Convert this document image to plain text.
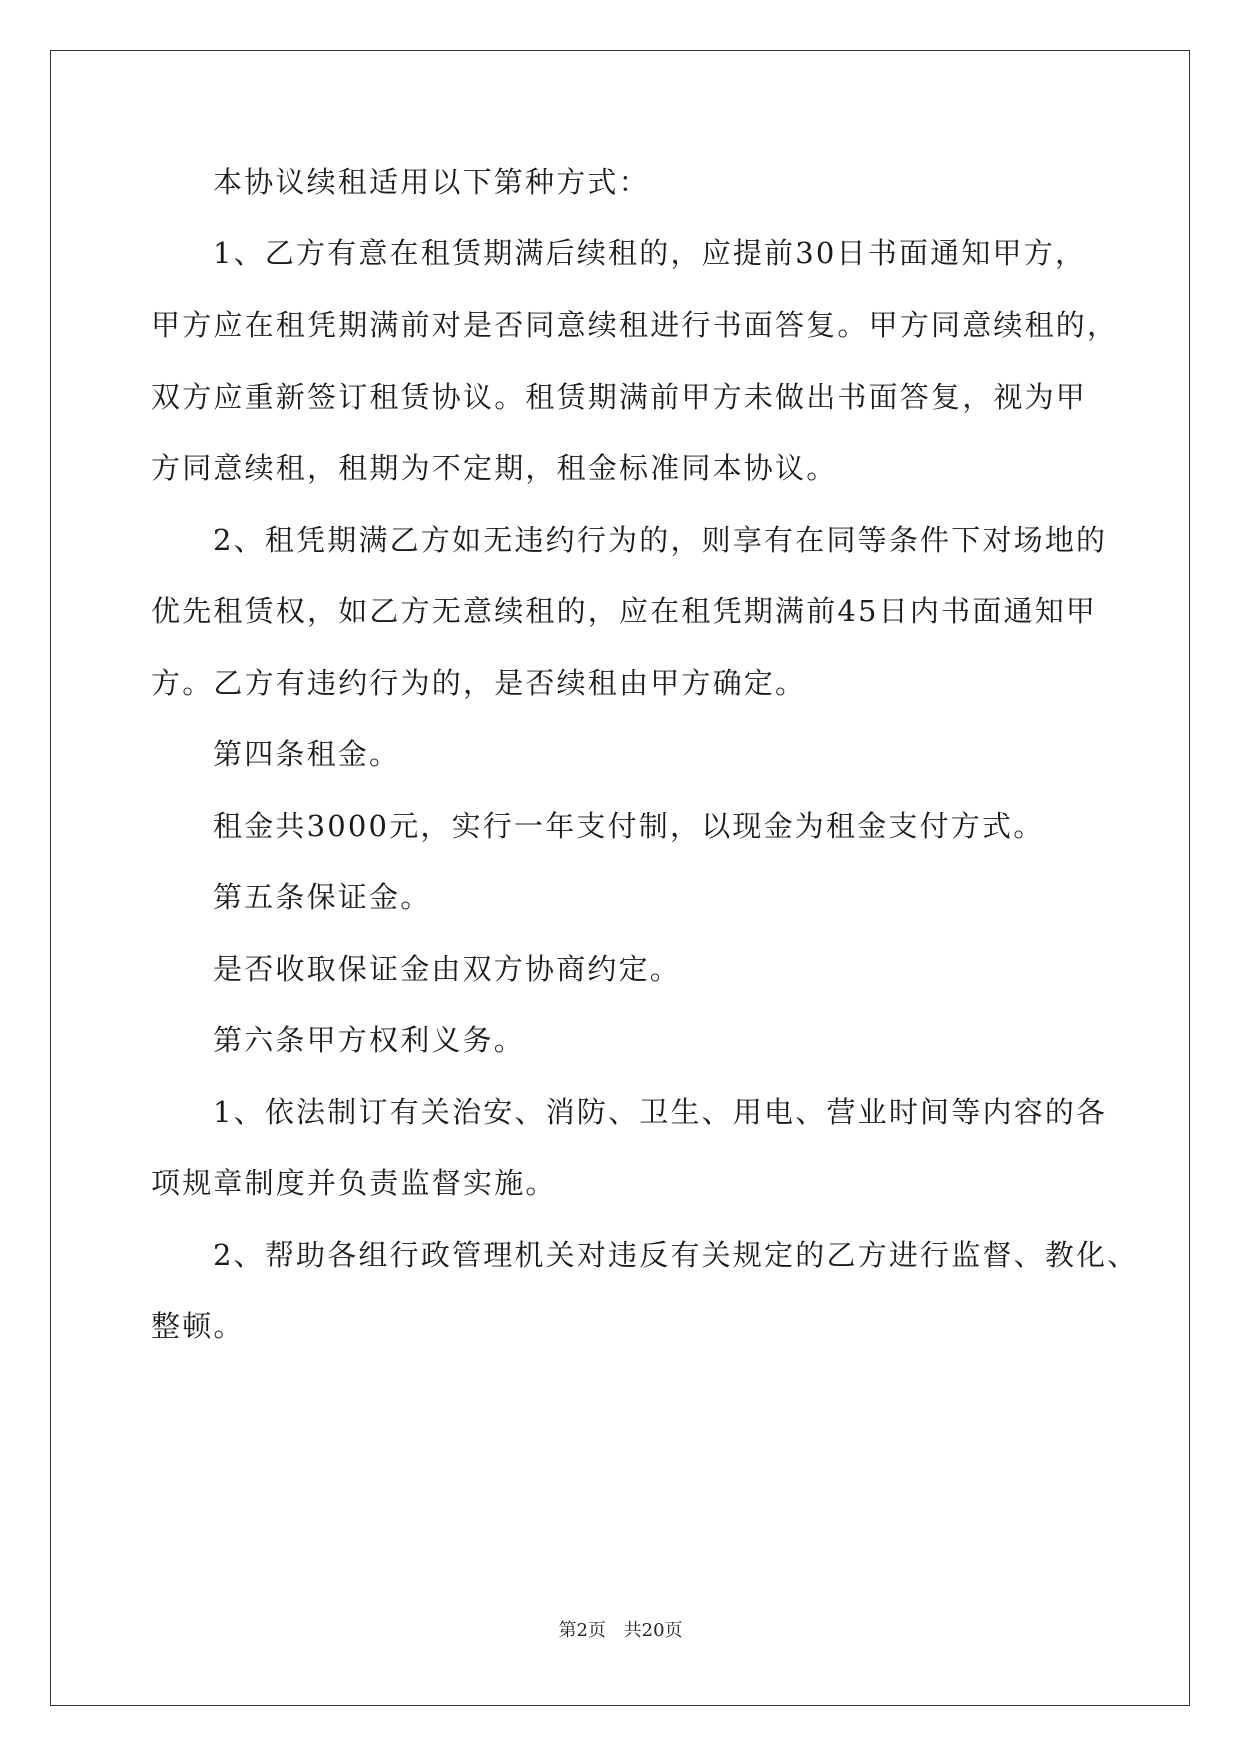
本协议续租适用以下第种方式：
1、乙方有意在租赁期满后续租的，应提前30日书面通知甲方，
甲方应在租凭期满前对是否同意续租进行书面答复。甲方同意续租的，
双方应重新签订租赁协议。租赁期满前甲方未做出书面答复，视为甲
方同意续租，租期为不定期，租金标准同本协议。
2、租凭期满乙方如无违约行为的，则享有在同等条件下对场地的
优先租赁权，如乙方无意续租的，应在租凭期满前45日内书面通知甲
方。乙方有违约行为的，是否续租由甲方确定。
第四条租金。
租金共3000元，实行一年支付制，以现金为租金支付方式。
第五条保证金。
是否收取保证金由双方协商约定。
第六条甲方权利义务。
1、依法制订有关治安、消防、卫生、用电、营业时间等内容的各
项规章制度并负责监督实施。
2、帮助各组行政管理机关对违反有关规定的乙方进行监督、教化、
整顿。
第2页 共20页
